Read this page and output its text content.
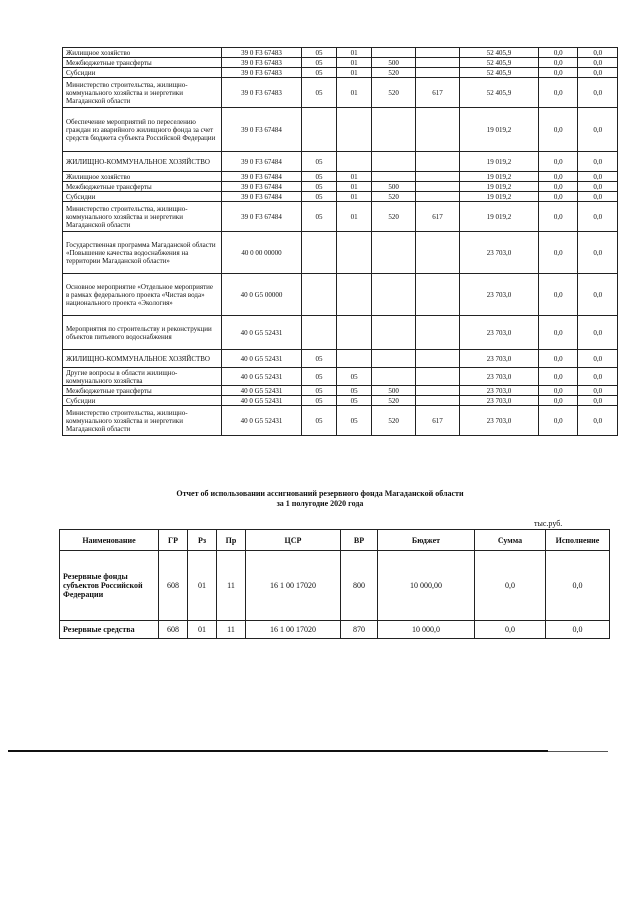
Жилищное хозяйство	39 0 F3 67483	05	01			52 405,9	0,0	0,0
Межбюджетные трансферты	39 0 F3 67483	05	01	500		52 405,9	0,0	0,0
Субсидии	39 0 F3 67483	05	01	520		52 405,9	0,0	0,0
Министерство строительства, жилищно-коммунального хозяйства и энергетики Магаданской области	39 0 F3 67483	05	01	520	617	52 405,9	0,0	0,0
Обеспечение мероприятий по переселению граждан из аварийного жилищного фонда за счет средств бюджета субъекта Российской Федерации	39 0 F3 67484					19 019,2	0,0	0,0
ЖИЛИЩНО-КОММУНАЛЬНОЕ ХОЗЯЙСТВО	39 0 F3 67484	05				19 019,2	0,0	0,0
Жилищное хозяйство	39 0 F3 67484	05	01			19 019,2	0,0	0,0
Межбюджетные трансферты	39 0 F3 67484	05	01	500		19 019,2	0,0	0,0
Субсидии	39 0 F3 67484	05	01	520		19 019,2	0,0	0,0
Министерство строительства, жилищно-коммунального хозяйства и энергетики Магаданской области	39 0 F3 67484	05	01	520	617	19 019,2	0,0	0,0
Государственная программа Магаданской области «Повышение качества водоснабжения на территории Магаданской области»	40 0 00 00000					23 703,0	0,0	0,0
Основное мероприятие «Отдельное мероприятие в рамках федерального проекта «Чистая вода» национального проекта «Экология»	40 0 G5 00000					23 703,0	0,0	0,0
Мероприятия по строительству и реконструкции объектов питьевого водоснабжения	40 0 G5 52431					23 703,0	0,0	0,0
ЖИЛИЩНО-КОММУНАЛЬНОЕ ХОЗЯЙСТВО	40 0 G5 52431	05				23 703,0	0,0	0,0
Другие вопросы в области жилищно-коммунального хозяйства	40 0 G5 52431	05	05			23 703,0	0,0	0,0
Межбюджетные трансферты	40 0 G5 52431	05	05	500		23 703,0	0,0	0,0
Субсидии	40 0 G5 52431	05	05	520		23 703,0	0,0	0,0
Министерство строительства, жилищно-коммунального хозяйства и энергетики Магаданской области	40 0 G5 52431	05	05	520	617	23 703,0	0,0	0,0
Отчет об использовании ассигнований резервного фонда Магаданской области
за 1 полугодие 2020 года
тыс.руб.
Наименование	ГР	Рз	Пр	ЦСР	ВР	Бюджет	Сумма	Исполнение
Резервные фонды субъектов Российской Федерации	608	01	11	16 1 00 17020	800	10 000,00	0,0	0,0
Резервные средства	608	01	11	16 1 00 17020	870	10 000,0	0,0	0,0
